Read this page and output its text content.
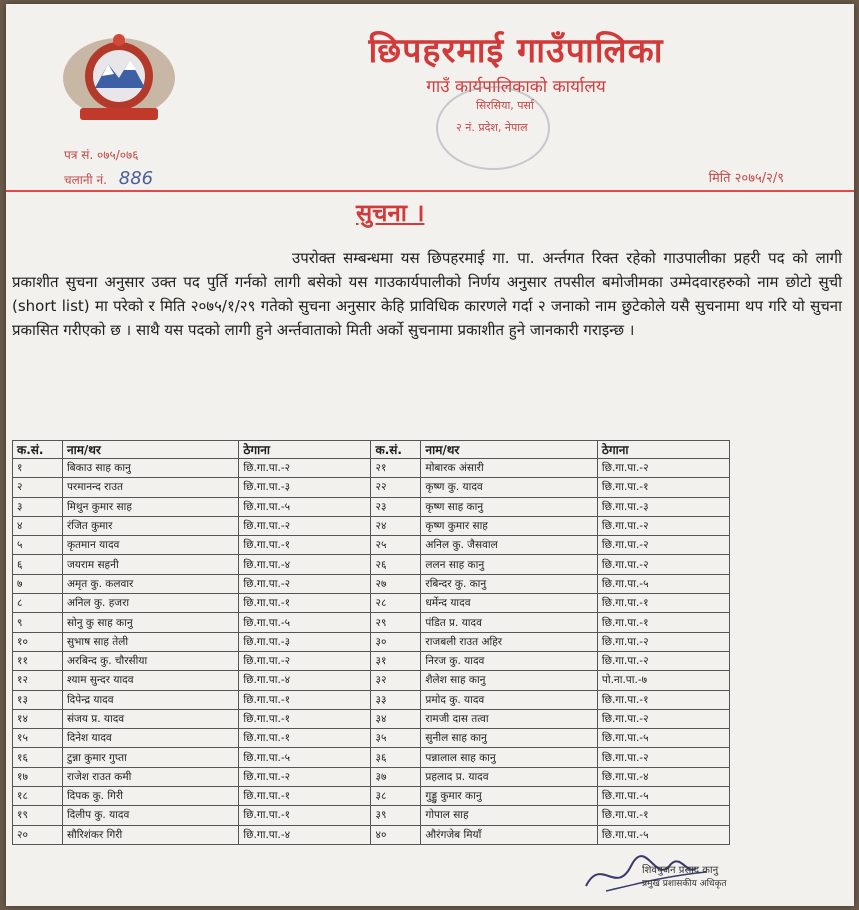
छिपहरमाई गाउँपालिका
गाउँ कार्यपालिकाको कार्यालय
सिरसिया, पर्सा
२ नं. प्रदेश, नेपाल
पत्र सं. ०७५/०७६
चलानी नं. 886	मिति २०७५/२/९
सुचना ।
उपरोक्त सम्बन्धमा यस छिपहरमाई गा. पा. अर्न्तगत रिक्त रहेको गाउपालीका प्रहरी पद को लागी प्रकाशीत सुचना अनुसार उक्त पद पुर्ति गर्नको लागी बसेको यस गाउकार्यपालीको निर्णय अनुसार तपसील बमोजीमका उम्मेदवारहरुको नाम छोटो सुची (short list) मा परेको र मिति २०७५/१/२९ गतेको सुचना अनुसार केहि प्राविधिक कारणले गर्दा २ जनाको नाम छुटेकोले यसै सुचनामा थप गरि यो सुचना प्रकासित गरीएको छ । साथै यस पदको लागी हुने अर्न्तवाताको मिती अर्को सुचनामा प्रकाशीत हुने जानकारी गराइन्छ ।
क.सं.	नाम/थर	ठेगाना	क.सं.	नाम/थर	ठेगाना
१	बिकाउ साह कानु	छि.गा.पा.-२	२१	मोबारक अंसारी	छि.गा.पा.-२
२	परमानन्द राउत	छि.गा.पा.-३	२२	कृष्ण कु. यादव	छि.गा.पा.-१
३	मिथुन कुमार साह	छि.गा.पा.-५	२३	कृष्ण साह कानु	छि.गा.पा.-३
४	रंजित कुमार	छि.गा.पा.-२	२४	कृष्ण कुमार साह	छि.गा.पा.-२
५	कृतमान यादव	छि.गा.पा.-१	२५	अनिल कु. जैसवाल	छि.गा.पा.-२
६	जयराम सहनी	छि.गा.पा.-४	२६	ललन साह कानु	छि.गा.पा.-२
७	अमृत कु. कलवार	छि.गा.पा.-२	२७	रबिन्दर कु. कानु	छि.गा.पा.-५
८	अनिल कु. हजरा	छि.गा.पा.-१	२८	धर्मेन्द यादव	छि.गा.पा.-१
९	सोनु कु साह कानु	छि.गा.पा.-५	२९	पंडित प्र. यादव	छि.गा.पा.-१
१०	सुभाष साह तेली	छि.गा.पा.-३	३०	राजबली राउत अहिर	छि.गा.पा.-२
११	अरबिन्द कु. चौरसीया	छि.गा.पा.-२	३१	निरज कु. यादव	छि.गा.पा.-२
१२	श्याम सुन्दर यादव	छि.गा.पा.-४	३२	शैलेश साह कानु	पो.ना.पा.-७
१३	दिपेन्द्र यादव	छि.गा.पा.-१	३३	प्रमोद कु. यादव	छि.गा.पा.-१
१४	संजय प्र. यादव	छि.गा.पा.-१	३४	रामजी दास तत्वा	छि.गा.पा.-२
१५	दिनेश यादव	छि.गा.पा.-१	३५	सुनील साह कानु	छि.गा.पा.-५
१६	टुन्ना कुमार गुप्ता	छि.गा.पा.-५	३६	पन्नालाल साह कानु	छि.गा.पा.-२
१७	राजेश राउत कमी	छि.गा.पा.-२	३७	प्रहलाद प्र. यादव	छि.गा.पा.-४
१८	दिपक कु. गिरी	छि.गा.पा.-१	३८	गुड्डु कुमार कानु	छि.गा.पा.-५
१९	दिलीप कु. यादव	छि.गा.पा.-१	३९	गोपाल साह	छि.गा.पा.-१
२०	सौरिशंकर गिरी	छि.गा.पा.-४	४०	औरंगजेब मियाँ	छि.गा.पा.-५
शिवपुजन प्रसाद कानु
प्रमुख प्रशासकीय अधिकृत
